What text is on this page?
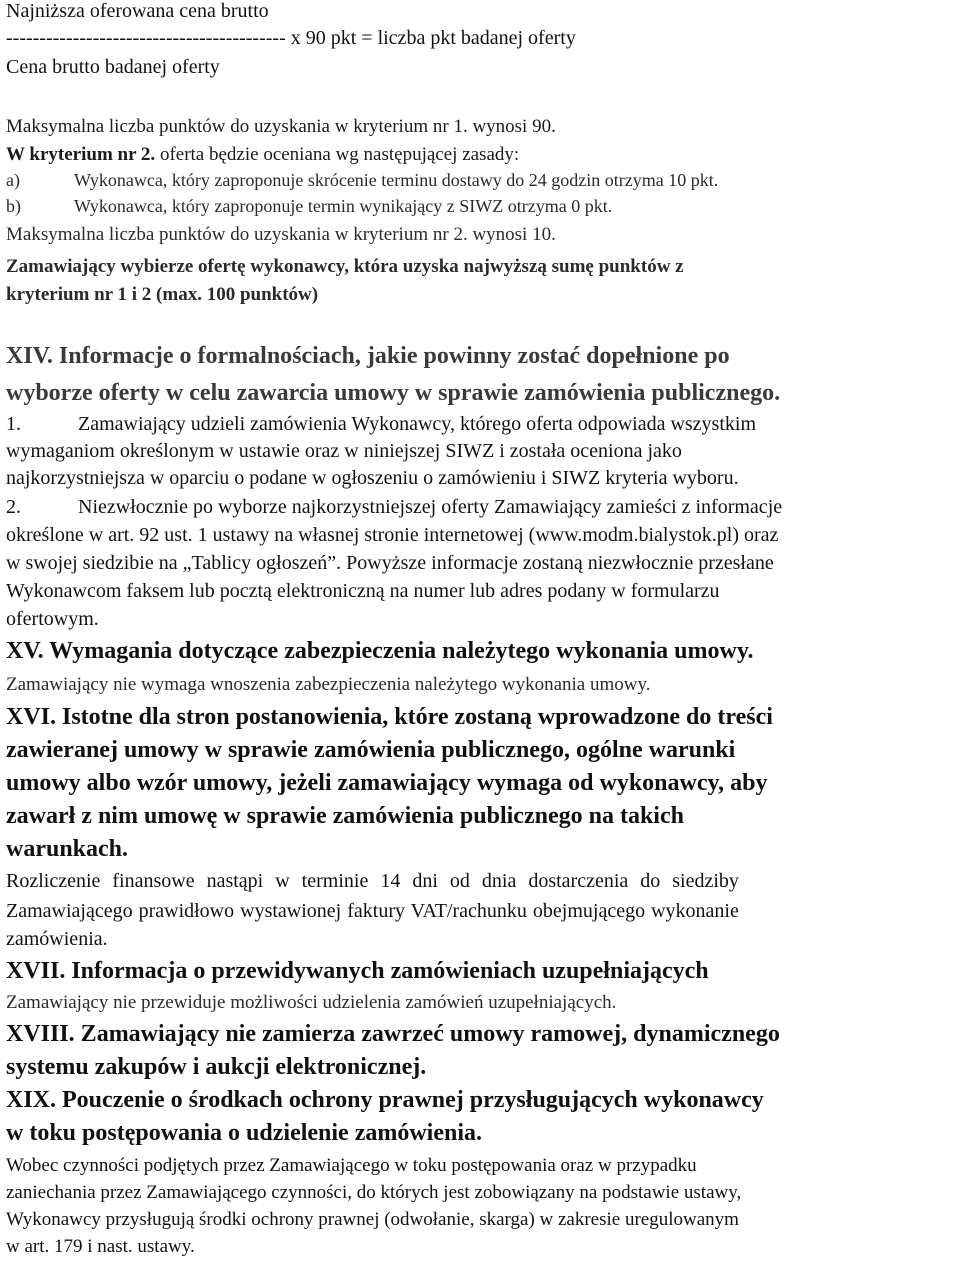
Najniższa oferowana cena brutto
------------------------------------------ x 90 pkt = liczba pkt badanej oferty
Cena brutto badanej oferty
Maksymalna liczba punktów do uzyskania w kryterium nr 1. wynosi 90.
W kryterium nr 2. oferta będzie oceniana wg następującej zasady:
a)	Wykonawca, który zaproponuje skrócenie terminu dostawy do 24 godzin otrzyma 10 pkt.
b)	Wykonawca, który zaproponuje termin wynikający z SIWZ otrzyma 0 pkt.
Maksymalna liczba punktów do uzyskania w kryterium nr 2. wynosi 10.
Zamawiający wybierze ofertę wykonawcy, która uzyska najwyższą sumę punktów z
kryterium nr 1 i 2 (max. 100 punktów)
XIV. Informacje o formalnościach, jakie powinny zostać dopełnione po
wyborze oferty w celu zawarcia umowy w sprawie zamówienia publicznego.
1.	Zamawiający udzieli zamówienia Wykonawcy, którego oferta odpowiada wszystkim
wymaganiom określonym w ustawie oraz w niniejszej SIWZ i została oceniona jako
najkorzystniejsza w oparciu o podane w ogłoszeniu o zamówieniu i SIWZ kryteria wyboru.
2.	Niezwłocznie po wyborze najkorzystniejszej oferty Zamawiający zamieści z informacje
określone w art. 92 ust. 1 ustawy na własnej stronie internetowej (www.modm.bialystok.pl) oraz
w swojej siedzibie na „Tablicy ogłoszeń”. Powyższe informacje zostaną niezwłocznie przesłane
Wykonawcom faksem lub pocztą elektroniczną na numer lub adres podany w formularzu
ofertowym.
XV. Wymagania dotyczące zabezpieczenia należytego wykonania umowy.
Zamawiający nie wymaga wnoszenia zabezpieczenia należytego wykonania umowy.
XVI. Istotne dla stron postanowienia, które zostaną wprowadzone do treści
zawieranej umowy w sprawie zamówienia publicznego, ogólne warunki
umowy albo wzór umowy, jeżeli zamawiający wymaga od wykonawcy, aby
zawarł z nim umowę w sprawie zamówienia publicznego na takich
warunkach.
Rozliczenie finansowe nastąpi w terminie 14 dni od dnia dostarczenia do siedziby
Zamawiającego prawidłowo wystawionej faktury VAT/rachunku obejmującego wykonanie
zamówienia.
XVII. Informacja o przewidywanych zamówieniach uzupełniających
Zamawiający nie przewiduje możliwości udzielenia zamówień uzupełniających.
XVIII. Zamawiający nie zamierza zawrzeć umowy ramowej, dynamicznego
systemu zakupów i aukcji elektronicznej.
XIX. Pouczenie o środkach ochrony prawnej przysługujących wykonawcy
w toku postępowania o udzielenie zamówienia.
Wobec czynności podjętych przez Zamawiającego w toku postępowania oraz w przypadku
zaniechania przez Zamawiającego czynności, do których jest zobowiązany na podstawie ustawy,
Wykonawcy przysługują środki ochrony prawnej (odwołanie, skarga) w zakresie uregulowanym
w art. 179 i nast. ustawy.
